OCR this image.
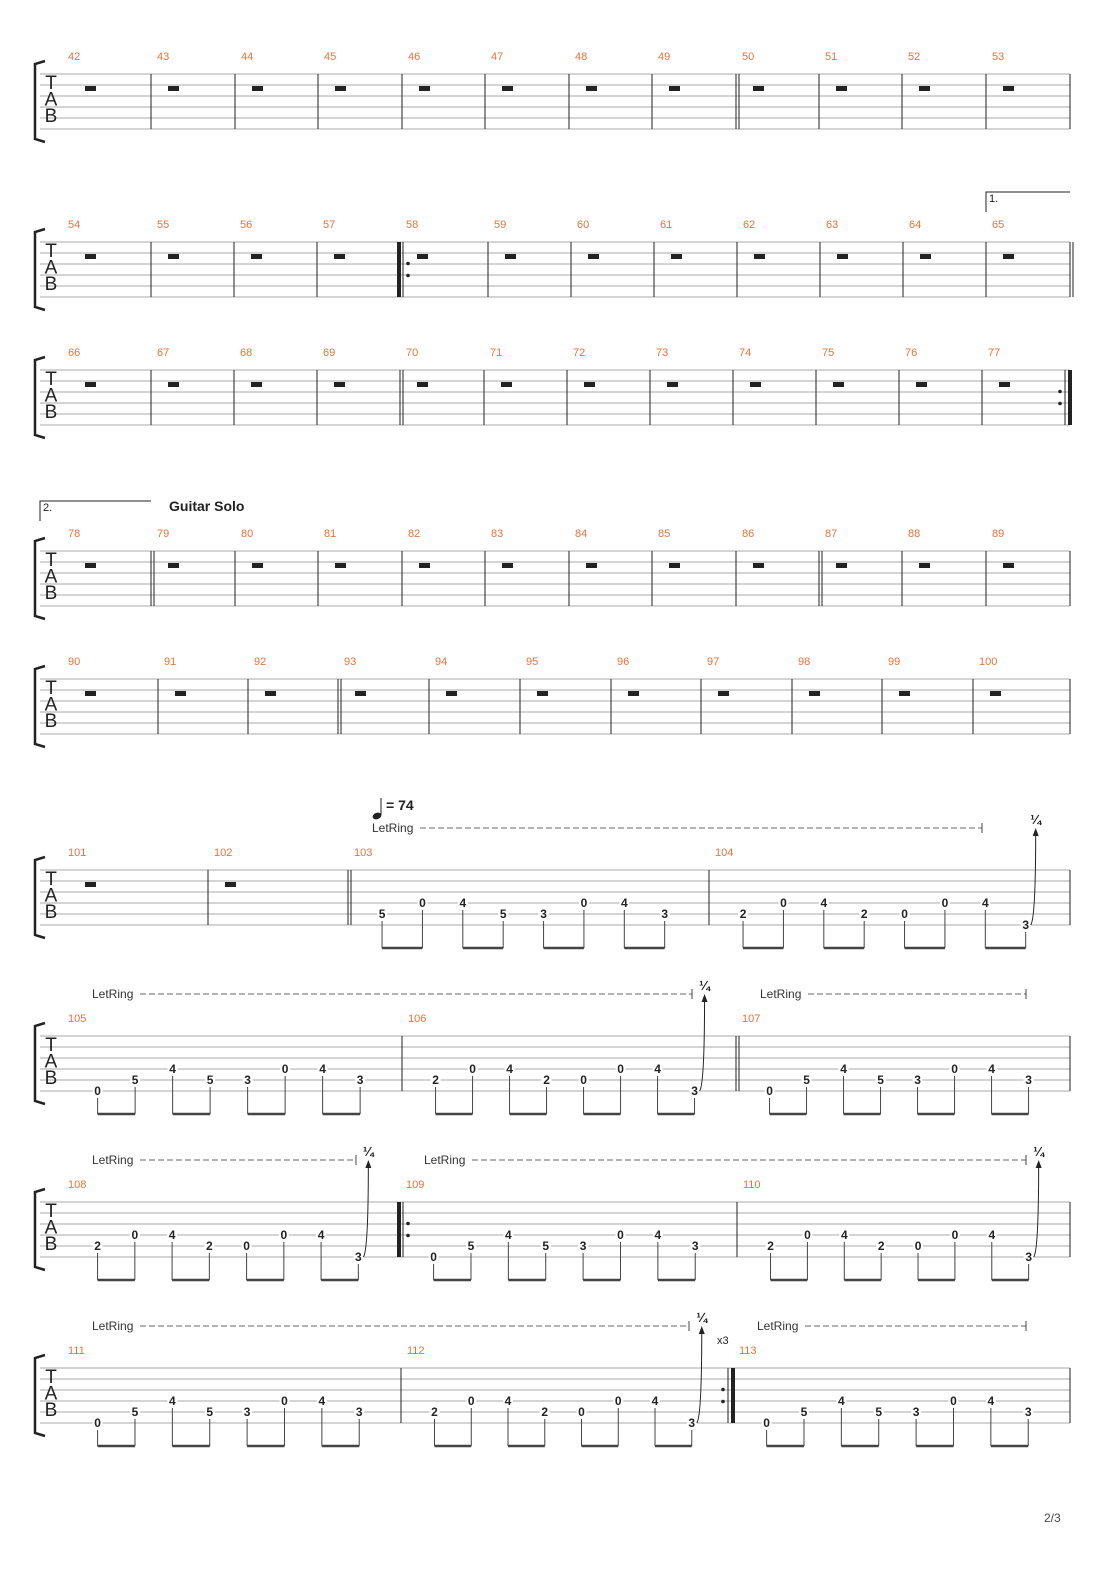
T
A
B
42	43	44	45	46	47	48	49	50	51	52	53
T
A
B
54	55	56	57	58	59	60	61	62	63	64	65
1.
T
A
B
66	67	68	69	70	71	72	73	74	75	76	77
T
A
B
78	79	80	81	82	83	84	85	86	87	88	89
2.	Guitar Solo
T
A
B
90	91	92	93	94	95	96	97	98	99	100
T
A
B
101	102	103
5
0	4
5	3
0	4
3
104
2
0	4
2	0
0	4
3
¼
= 74
LetRing
T
A
B
105
0
5
4
5	3
0	4
3
106
2
0	4
2	0
0	4
3
¼
107
0
5
4
5	3
0	4
3
LetRing	LetRing
T
A
B
108
2
0	4
2	0
0	4
3
¼
109
0
5
4
5	3
0	4
3
110
2
0	4
2	0
0	4
3
¼
LetRing	LetRing
T
A
B
111
0
5
4
5	3
0	4
3
x3
112
2
0	4
2	0
0	4
3
¼
113
0
5
4
5	3
0	4
3
LetRing	LetRing
2/3
